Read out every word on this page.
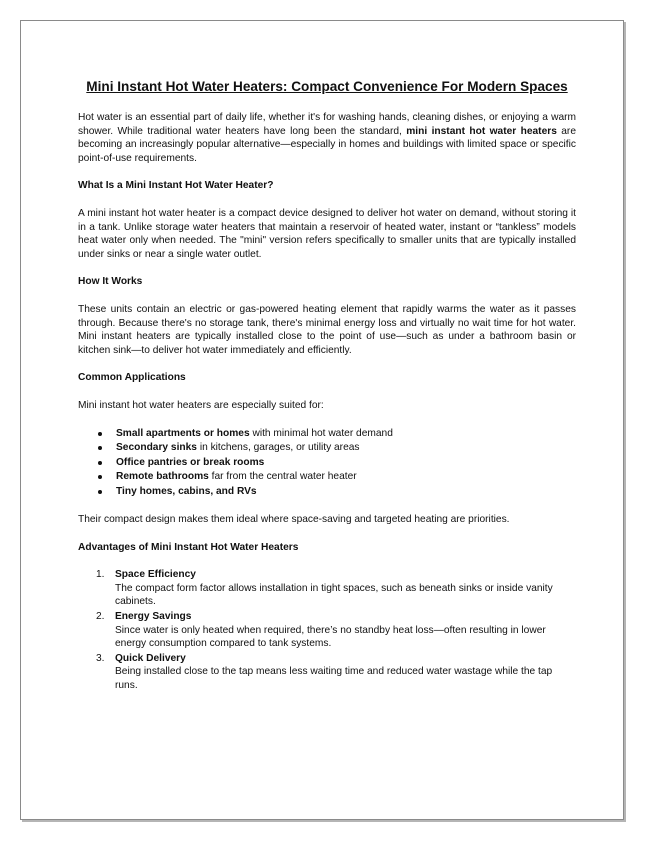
Mini Instant Hot Water Heaters: Compact Convenience For Modern Spaces

Hot water is an essential part of daily life, whether it's for washing hands, cleaning dishes, or enjoying a warm shower. While traditional water heaters have long been the standard, mini instant hot water heaters are becoming an increasingly popular alternative—especially in homes and buildings with limited space or specific point-of-use requirements.

What Is a Mini Instant Hot Water Heater?

A mini instant hot water heater is a compact device designed to deliver hot water on demand, without storing it in a tank. Unlike storage water heaters that maintain a reservoir of heated water, instant or “tankless” models heat water only when needed. The "mini" version refers specifically to smaller units that are typically installed under sinks or near a single water outlet.

How It Works

These units contain an electric or gas-powered heating element that rapidly warms the water as it passes through. Because there's no storage tank, there's minimal energy loss and virtually no wait time for hot water. Mini instant heaters are typically installed close to the point of use—such as under a bathroom basin or kitchen sink—to deliver hot water immediately and efficiently.

Common Applications

Mini instant hot water heaters are especially suited for:

Small apartments or homes with minimal hot water demand
Secondary sinks in kitchens, garages, or utility areas
Office pantries or break rooms
Remote bathrooms far from the central water heater
Tiny homes, cabins, and RVs

Their compact design makes them ideal where space-saving and targeted heating are priorities.

Advantages of Mini Instant Hot Water Heaters
1. Space Efficiency
The compact form factor allows installation in tight spaces, such as beneath sinks or inside vanity cabinets.
2. Energy Savings
Since water is only heated when required, there’s no standby heat loss—often resulting in lower energy consumption compared to tank systems.
3. Quick Delivery
Being installed close to the tap means less waiting time and reduced water wastage while the tap runs.
